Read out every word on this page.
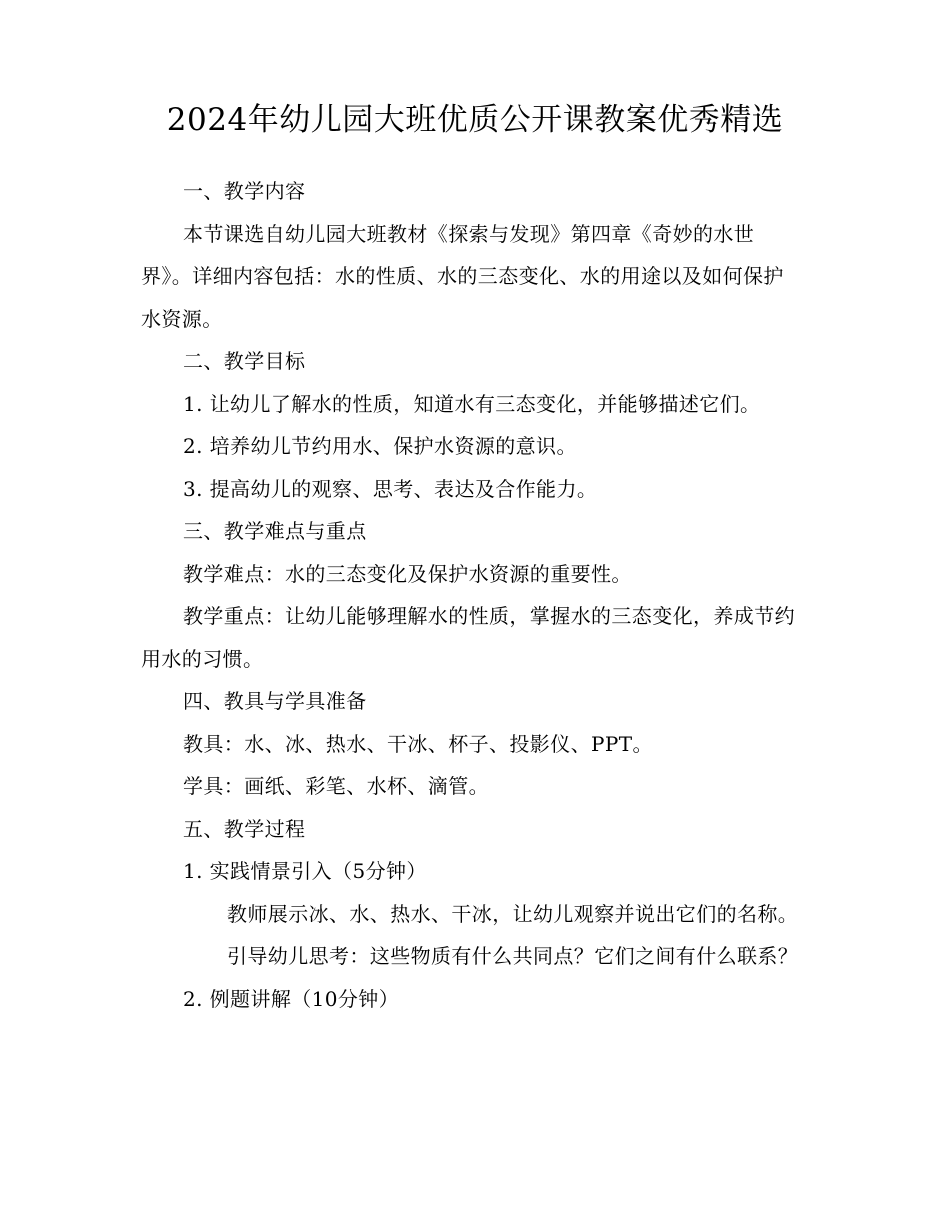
2024年幼儿园大班优质公开课教案优秀精选

一、教学内容

本节课选自幼儿园大班教材《探索与发现》第四章《奇妙的水世界》。详细内容包括：水的性质、水的三态变化、水的用途以及如何保护水资源。

二、教学目标

1. 让幼儿了解水的性质，知道水有三态变化，并能够描述它们。

2. 培养幼儿节约用水、保护水资源的意识。

3. 提高幼儿的观察、思考、表达及合作能力。

三、教学难点与重点

教学难点：水的三态变化及保护水资源的重要性。

教学重点：让幼儿能够理解水的性质，掌握水的三态变化，养成节约用水的习惯。

四、教具与学具准备

教具：水、冰、热水、干冰、杯子、投影仪、PPT。

学具：画纸、彩笔、水杯、滴管。

五、教学过程

1. 实践情景引入（5分钟）

教师展示冰、水、热水、干冰，让幼儿观察并说出它们的名称。

引导幼儿思考：这些物质有什么共同点？它们之间有什么联系？

2. 例题讲解（10分钟）
